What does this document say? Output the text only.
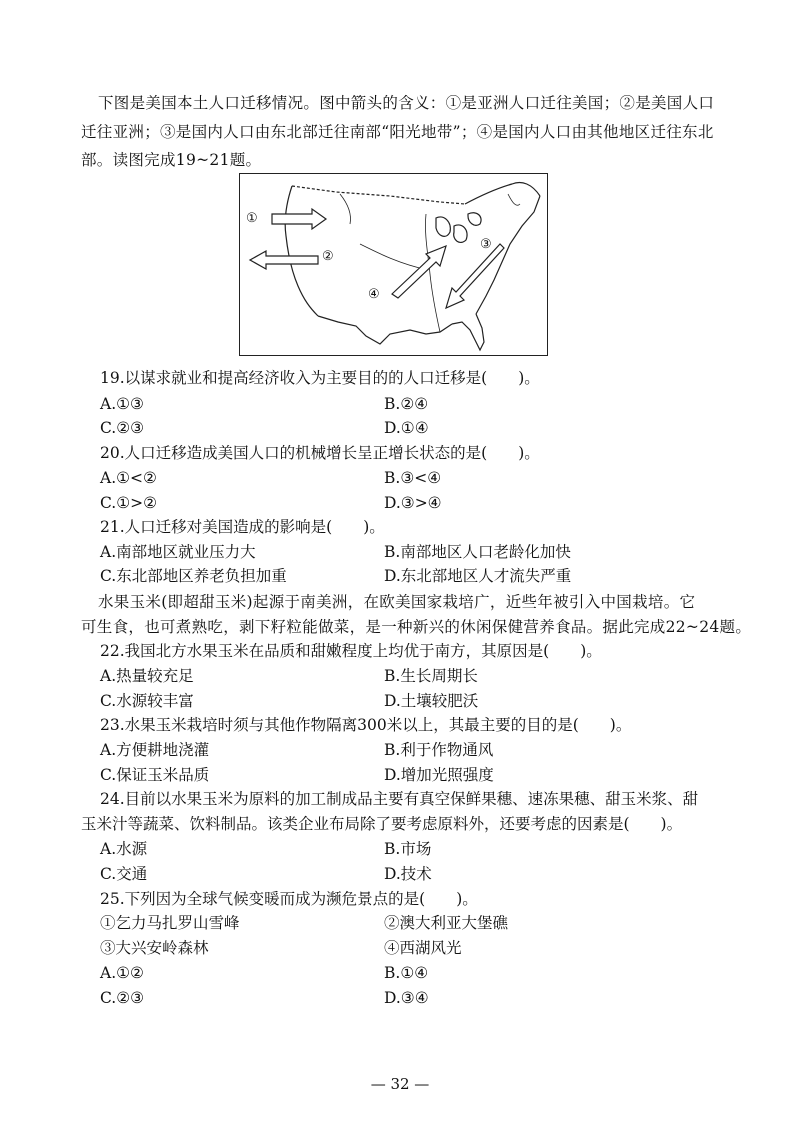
下图是美国本土人口迁移情况。图中箭头的含义：①是亚洲人口迁往美国；②是美国人口
迁往亚洲；③是国内人口由东北部迁往南部“阳光地带”；④是国内人口由其他地区迁往东北
部。读图完成19~21题。
①
②
③
④
19.以谋求就业和提高经济收入为主要目的的人口迁移是(　　)。
A.①③	B.②④
C.②③	D.①④
20.人口迁移造成美国人口的机械增长呈正增长状态的是(　　)。
A.①<②	B.③<④
C.①>②	D.③>④
21.人口迁移对美国造成的影响是(　　)。
A.南部地区就业压力大	B.南部地区人口老龄化加快
C.东北部地区养老负担加重	D.东北部地区人才流失严重
水果玉米(即超甜玉米)起源于南美洲，在欧美国家栽培广，近些年被引入中国栽培。它
可生食，也可煮熟吃，剥下籽粒能做菜，是一种新兴的休闲保健营养食品。据此完成22~24题。
22.我国北方水果玉米在品质和甜嫩程度上均优于南方，其原因是(　　)。
A.热量较充足	B.生长周期长
C.水源较丰富	D.土壤较肥沃
23.水果玉米栽培时须与其他作物隔离300米以上，其最主要的目的是(　　)。
A.方便耕地浇灌	B.利于作物通风
C.保证玉米品质	D.增加光照强度
24.目前以水果玉米为原料的加工制成品主要有真空保鲜果穗、速冻果穗、甜玉米浆、甜
玉米汁等蔬菜、饮料制品。该类企业布局除了要考虑原料外，还要考虑的因素是(　　)。
A.水源	B.市场
C.交通	D.技术
25.下列因为全球气候变暖而成为濒危景点的是(　　)。
①乞力马扎罗山雪峰	②澳大利亚大堡礁
③大兴安岭森林	④西湖风光
A.①②	B.①④
C.②③	D.③④
— 32 —
